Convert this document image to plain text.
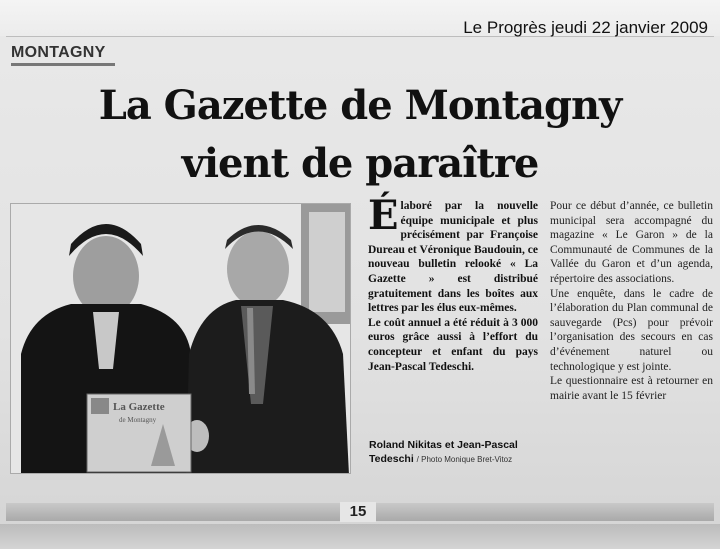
Le Progrès jeudi 22 janvier 2009
MONTAGNY
La Gazette de Montagny
vient de paraître
La Gazette
de Montagny

Élaboré par la nouvelle équipe municipale et plus précisément par Françoise Dureau et Véronique Baudouin, ce nouveau bulletin relooké « La Gazette » est distribué gratuitement dans les boîtes aux lettres par les élus eux-mêmes.

Le coût annuel a été réduit à 3 000 euros grâce aussi à l’effort du concepteur et enfant du pays Jean-Pascal Tedeschi.

Roland Nikitas et Jean-Pascal Tedeschi / Photo Monique Bret-Vitoz

Pour ce début d’année, ce bulletin municipal sera accompagné du magazine « Le Garon » de la Communauté de Communes de la Vallée du Garon et d’un agenda, répertoire des associations.

Une enquête, dans le cadre de l’élaboration du Plan communal de sauvegarde (Pcs) pour prévoir l’organisation des secours en cas d’événement naturel ou technologique y est jointe.

Le questionnaire est à retourner en mairie avant le 15 février

15
